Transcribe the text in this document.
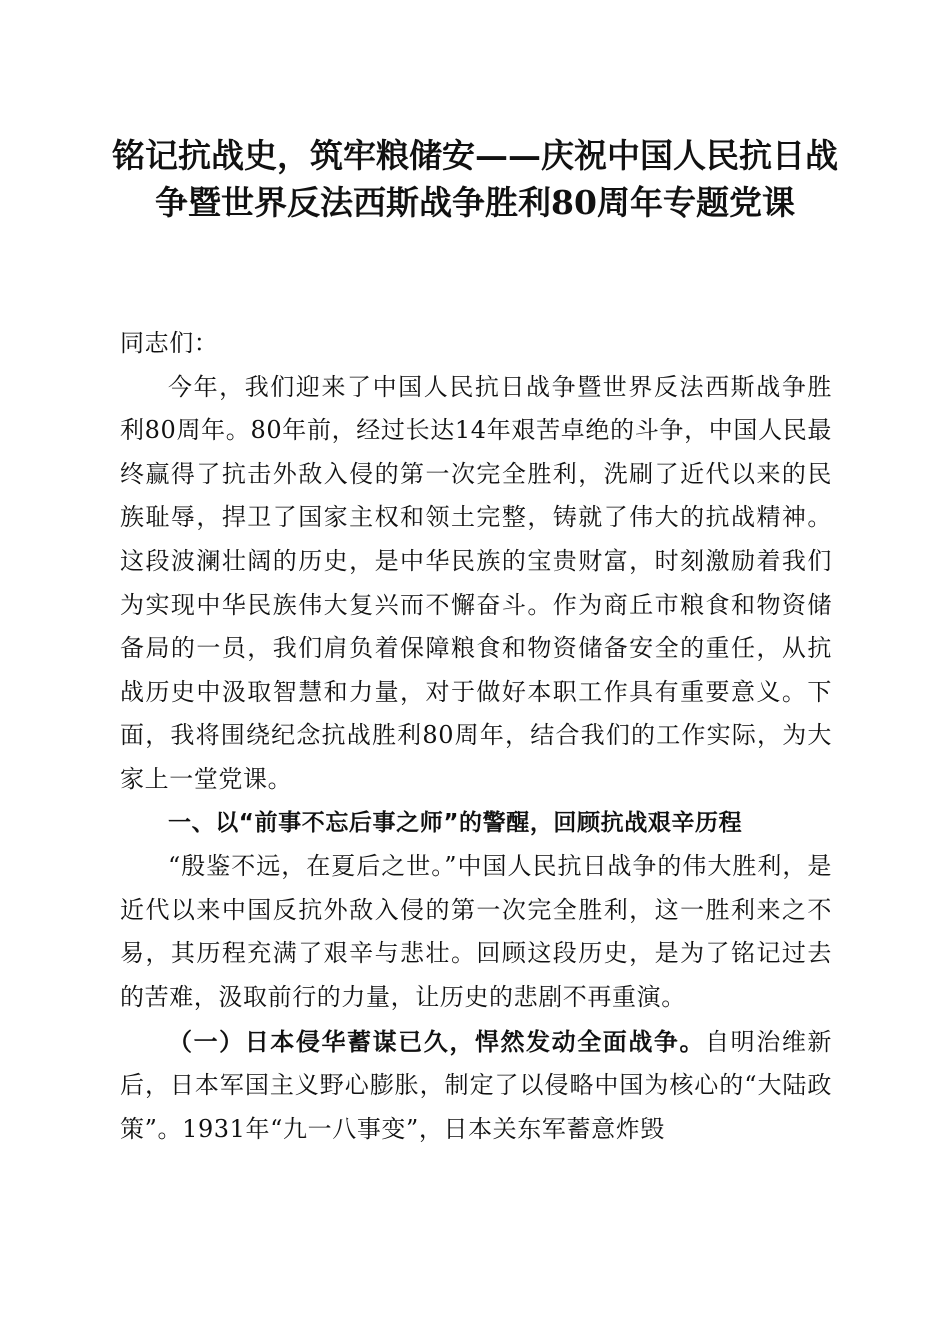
铭记抗战史，筑牢粮储安——庆祝中国人民抗日战争暨世界反法西斯战争胜利80周年专题党课

同志们：

今年，我们迎来了中国人民抗日战争暨世界反法西斯战争胜利80周年。80年前，经过长达14年艰苦卓绝的斗争，中国人民最终赢得了抗击外敌入侵的第一次完全胜利，洗刷了近代以来的民族耻辱，捍卫了国家主权和领土完整，铸就了伟大的抗战精神。这段波澜壮阔的历史，是中华民族的宝贵财富，时刻激励着我们为实现中华民族伟大复兴而不懈奋斗。作为商丘市粮食和物资储备局的一员，我们肩负着保障粮食和物资储备安全的重任，从抗战历史中汲取智慧和力量，对于做好本职工作具有重要意义。下面，我将围绕纪念抗战胜利80周年，结合我们的工作实际，为大家上一堂党课。

一、以“前事不忘后事之师”的警醒，回顾抗战艰辛历程

“殷鉴不远，在夏后之世。”中国人民抗日战争的伟大胜利，是近代以来中国反抗外敌入侵的第一次完全胜利，这一胜利来之不易，其历程充满了艰辛与悲壮。回顾这段历史，是为了铭记过去的苦难，汲取前行的力量，让历史的悲剧不再重演。

（一）日本侵华蓄谋已久，悍然发动全面战争。自明治维新后，日本军国主义野心膨胀，制定了以侵略中国为核心的“大陆政策”。1931年“九一八事变”，日本关东军蓄意炸毁
